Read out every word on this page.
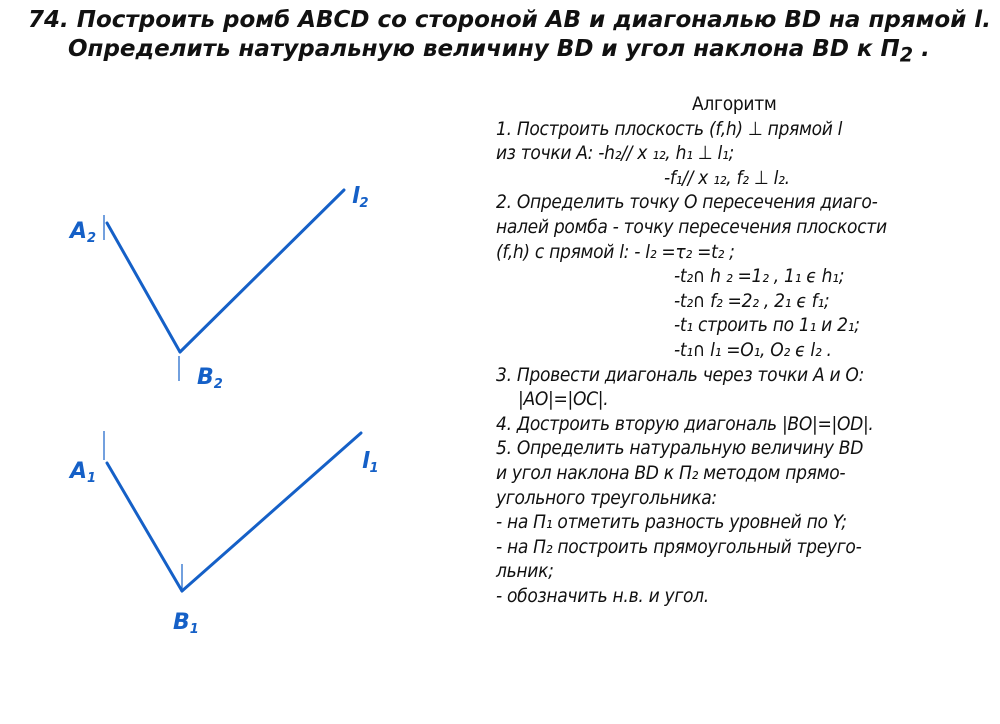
74. Построить ромб ABCD со стороной АВ и диагональю ВD на прямой l.
Определить натуральную величину ВD и угол наклона ВD к $П_2$ .
A2
B2
l2
A1
B1
l1
Алгоритм
1. Построить плоскость (f,h) ⊥ прямой l
из точки А: -h₂// x ₁₂, h₁ ⊥ l₁;
-f₁// x ₁₂, f₂ ⊥ l₂.
2. Определить точку О пересечения диаго-
налей ромба - точку пересечения плоскости
(f,h) с прямой l: - l₂ =τ₂ =t₂ ;
-t₂∩ h ₂ =1₂ , 1₁ ϵ h₁;
-t₂∩ f₂ =2₂ , 2₁ ϵ f₁;
-t₁ строить по 1₁ и 2₁;
-t₁∩ l₁ =O₁, O₂ ϵ l₂ .
3. Провести диагональ через точки А и О:
|AO|=|OC|.
4. Достроить вторую диагональ |BO|=|OD|.
5. Определить натуральную величину ВD
и угол наклона ВD к П₂ методом прямо-
угольного треугольника:
- на П₁ отметить разность уровней по Y;
- на П₂ построить прямоугольный треуго-
льник;
- обозначить н.в. и угол.
